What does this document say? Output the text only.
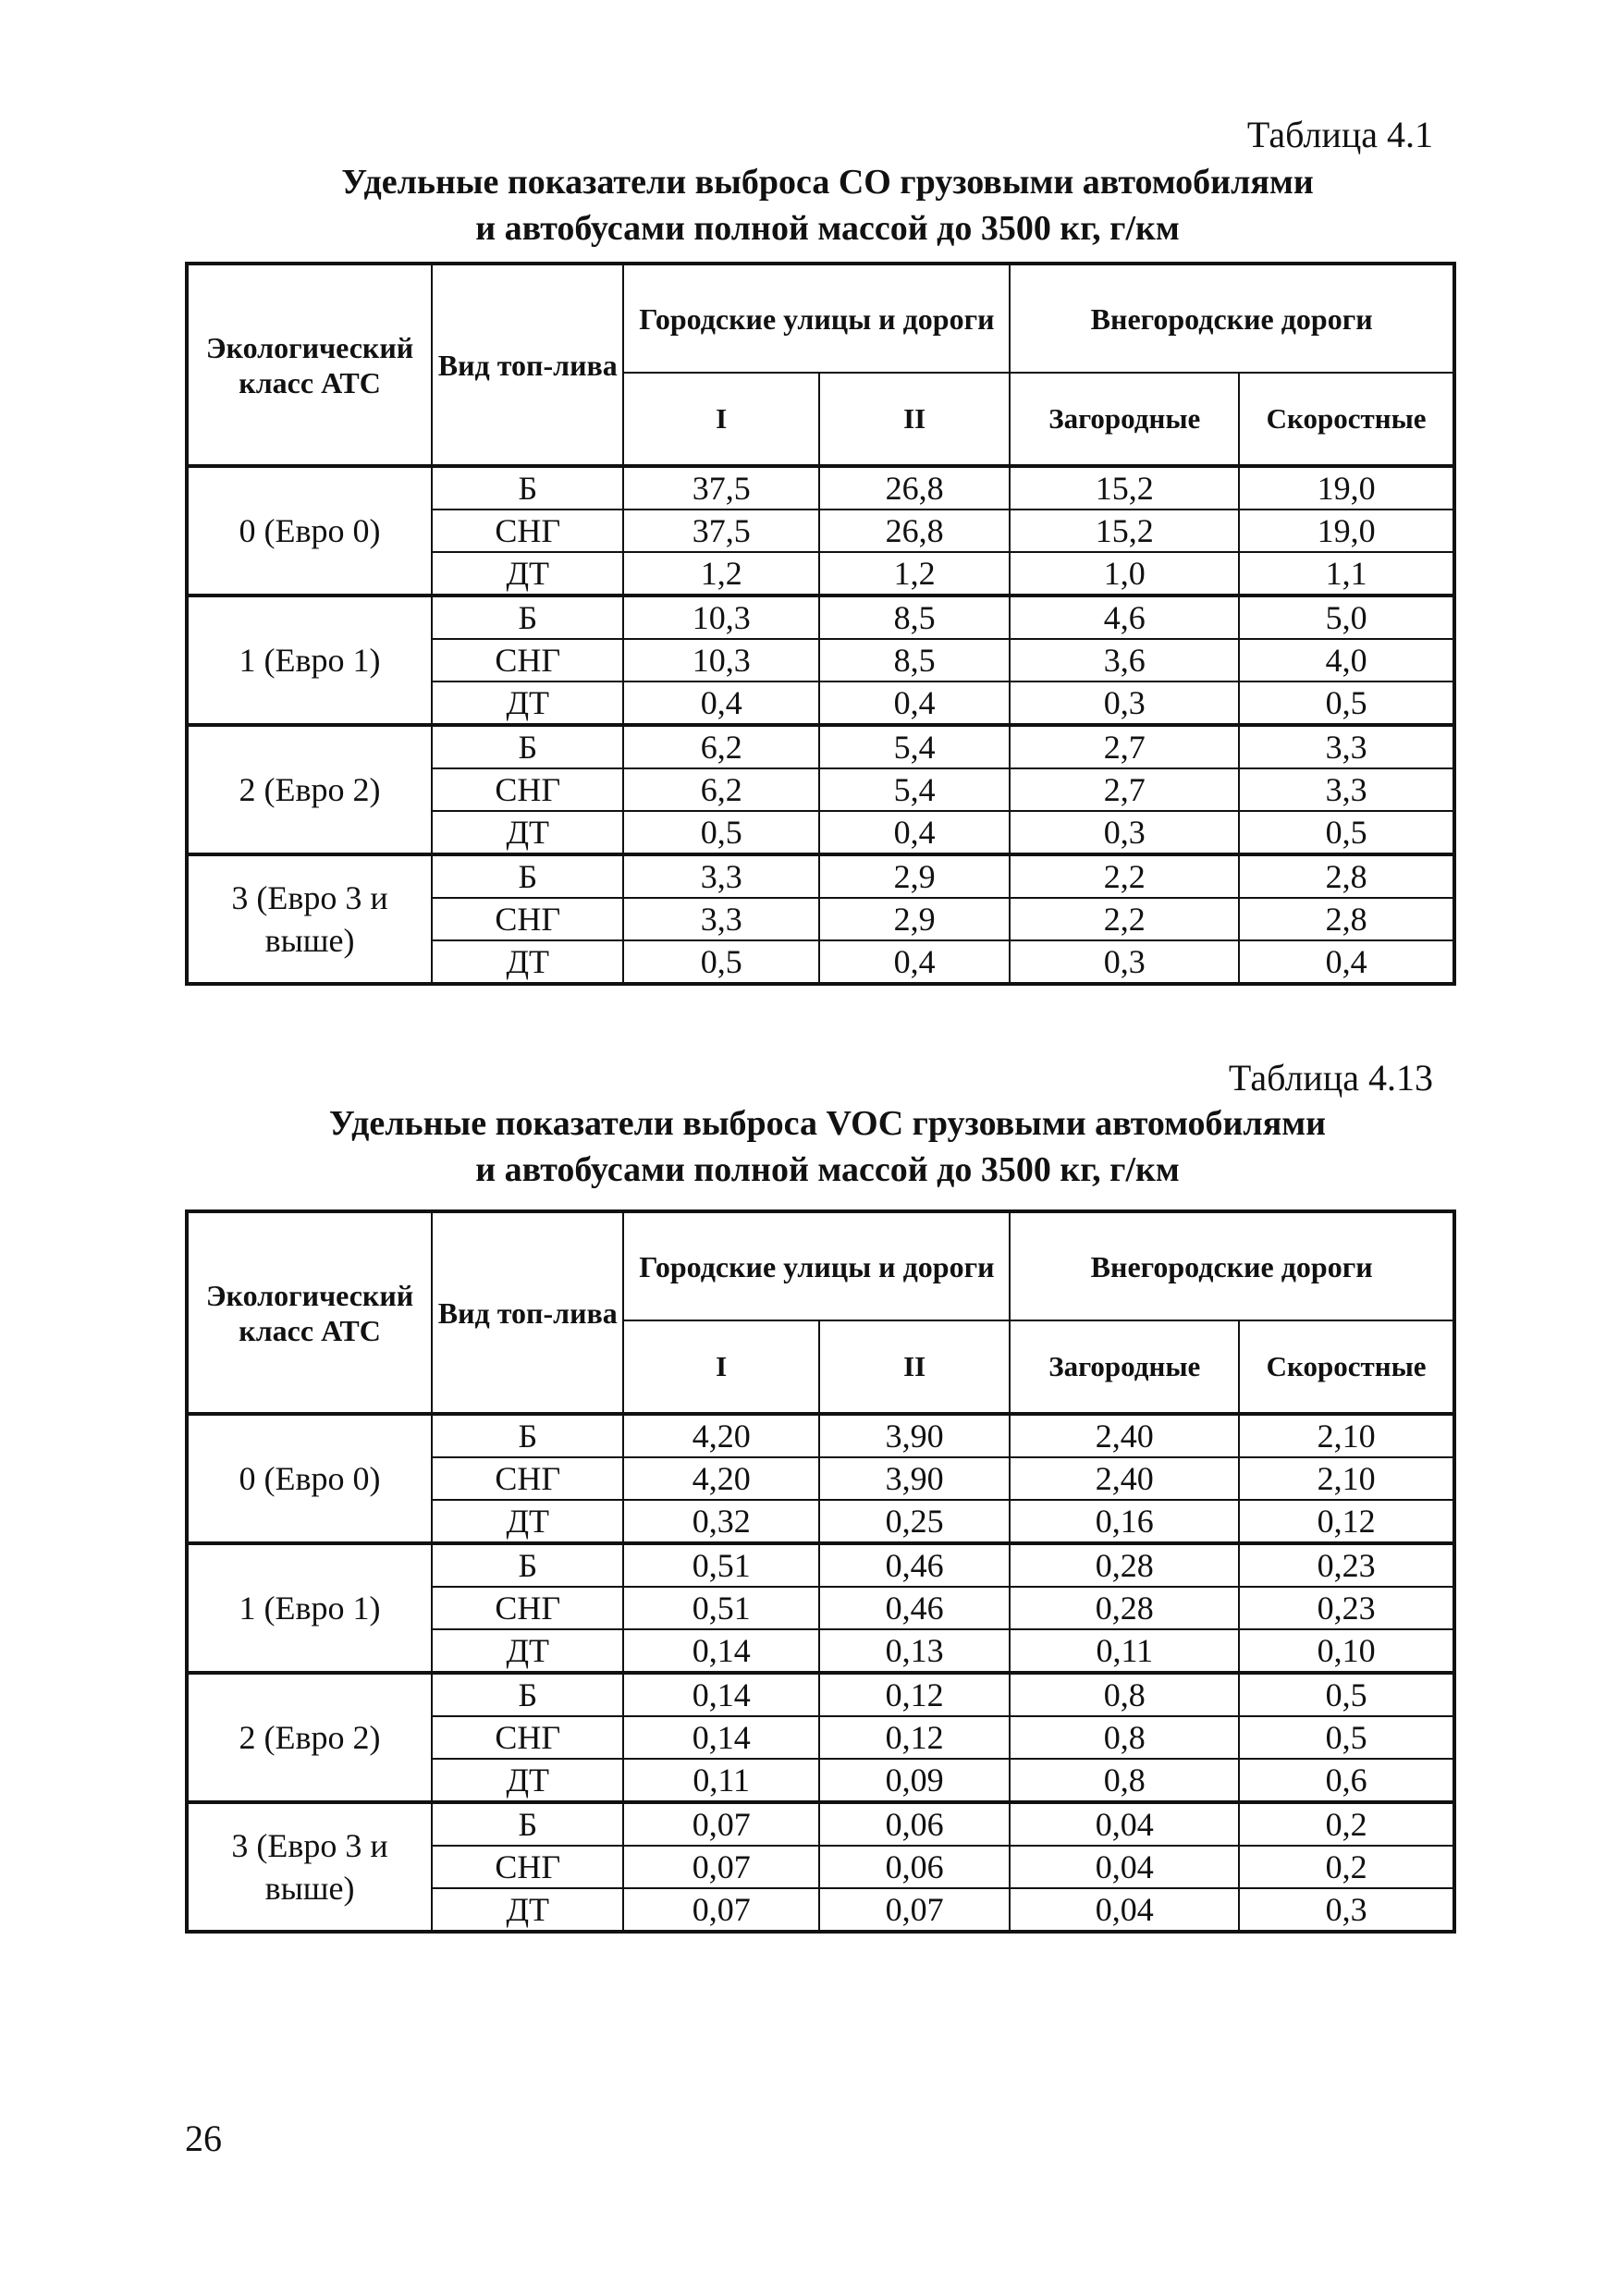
Таблица 4.1
Удельные показатели выброса CO грузовыми автомобилями
и автобусами полной массой до 3500 кг, г/км
Экологический класс АТС	Вид топ-лива	Городские улицы и дороги		Внегородские дороги	
		I	II	Загородные	Скоростные
0 (Евро 0)	Б	37,5	26,8	15,2	19,0
	СНГ	37,5	26,8	15,2	19,0
	ДТ	1,2	1,2	1,0	1,1
1 (Евро 1)	Б	10,3	8,5	4,6	5,0
	СНГ	10,3	8,5	3,6	4,0
	ДТ	0,4	0,4	0,3	0,5
2 (Евро 2)	Б	6,2	5,4	2,7	3,3
	СНГ	6,2	5,4	2,7	3,3
	ДТ	0,5	0,4	0,3	0,5
3 (Евро 3 и выше)	Б	3,3	2,9	2,2	2,8
	СНГ	3,3	2,9	2,2	2,8
	ДТ	0,5	0,4	0,3	0,4
Таблица 4.13
Удельные показатели выброса VOC грузовыми автомобилями
и автобусами полной массой до 3500 кг, г/км
Экологический класс АТС	Вид топ-лива	Городские улицы и дороги		Внегородские дороги	
		I	II	Загородные	Скоростные
0 (Евро 0)	Б	4,20	3,90	2,40	2,10
	СНГ	4,20	3,90	2,40	2,10
	ДТ	0,32	0,25	0,16	0,12
1 (Евро 1)	Б	0,51	0,46	0,28	0,23
	СНГ	0,51	0,46	0,28	0,23
	ДТ	0,14	0,13	0,11	0,10
2 (Евро 2)	Б	0,14	0,12	0,8	0,5
	СНГ	0,14	0,12	0,8	0,5
	ДТ	0,11	0,09	0,8	0,6
3 (Евро 3 и выше)	Б	0,07	0,06	0,04	0,2
	СНГ	0,07	0,06	0,04	0,2
	ДТ	0,07	0,07	0,04	0,3
26
